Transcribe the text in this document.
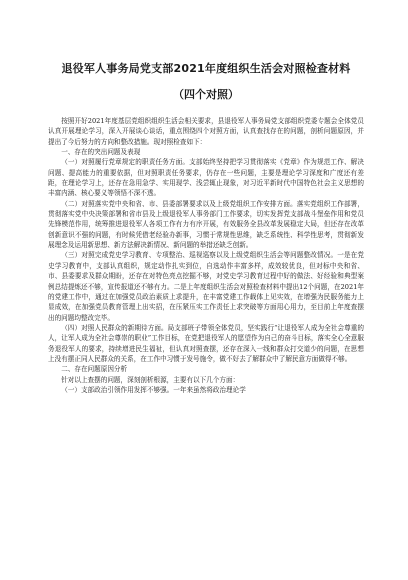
退役军人事务局党支部2021年度组织生活会对照检查材料
（四个对照）

按照开好2021年度基层党组织组织生活会相关要求，县退役军人事务局党支部组织党委专题会全体党员认真开展理论学习，深入开展谈心谈话，重点围绕四个对照方面，认真查找存在的问题，剖析问题原因，并提出了今后努力的方向和整改措施。现对照检查如下：

一、存在的突出问题及表现

（一）对照履行党章规定的职责任务方面。支部始终坚持把学习贯彻落实《党章》作为规范工作、解决问题、提高能力的重要依据，但对照职责任务要求，仍存在一些问题，主要是理论学习深度和广度还有差距，在理论学习上，还存在急用急学、实用现学、浅尝辄止现象，对习近平新时代中国特色社会主义思想的丰富内涵、核心要义等领悟不深不透。

（二）对照落实党中央和省、市、县委部署要求以及上级党组织工作安排方面。落实党组织工作部署，贯彻落实党中央决策部署和省市县及上级退役军人事务部门工作要求，切实发挥党支部战斗堡垒作用和党员先锋模范作用，统筹推进退役军人各项工作有力有序开展，有效服务全县改革发展稳定大局，但还存在改革创新意识不强的问题，有时候凭借老经验办新事，习惯于常规性思维，缺乏系统性、科学性思考，贯彻新发展理念及运用新思想、新方法解决新情况、新问题的举措还缺乏创新。

（三）对照完成党史学习教育、专项整治、巡视巡察以及上级党组织生活会等问题整改情况。一是在党史学习教育中，支部认真组织，规定动作扎实到位，自选动作丰富多样，成效较优良，但对标中央和省、市、县委要求及群众期盼，还存在对特色亮点挖掘不够，对党史学习教育过程中好的做法、好经验和典型案例总结提炼还不够，宣传报道还不够有力。二是上年度组织生活会对照检查材料中提出12个问题，在2021年的党建工作中，通过在加强党员政治素质上求提升，在丰富党建工作载体上见实效，在增强为民服务能力上显成效，在加强党员教育管理上出实招，在压紧压实工作责任上求突破等方面用心用力，至目前上年度查摆出的问题均整改完毕。

（四）对照人民群众的新期待方面。局支部班子带领全体党员，坚实践行“让退役军人成为全社会尊重的人，让军人成为全社会尊崇的职业”工作目标，在党把退役军人的愿望作为自己的奋斗目标，落实全心全意服务退役军人的要求，持续增进民生福祉，但认真对照查摆，还存在深入一线和群众打交道少的问题，在思想上没有摆正同人民群众的关系，在工作中习惯于发号施令，做不好去了解群众中了解民意方面做得不够。

二、存在问题原因分析

针对以上查摆的问题，深刻剖析根源，主要有以下几个方面：

（一）支部政治引领作用发挥不够强。一年来虽然将政治理论学
